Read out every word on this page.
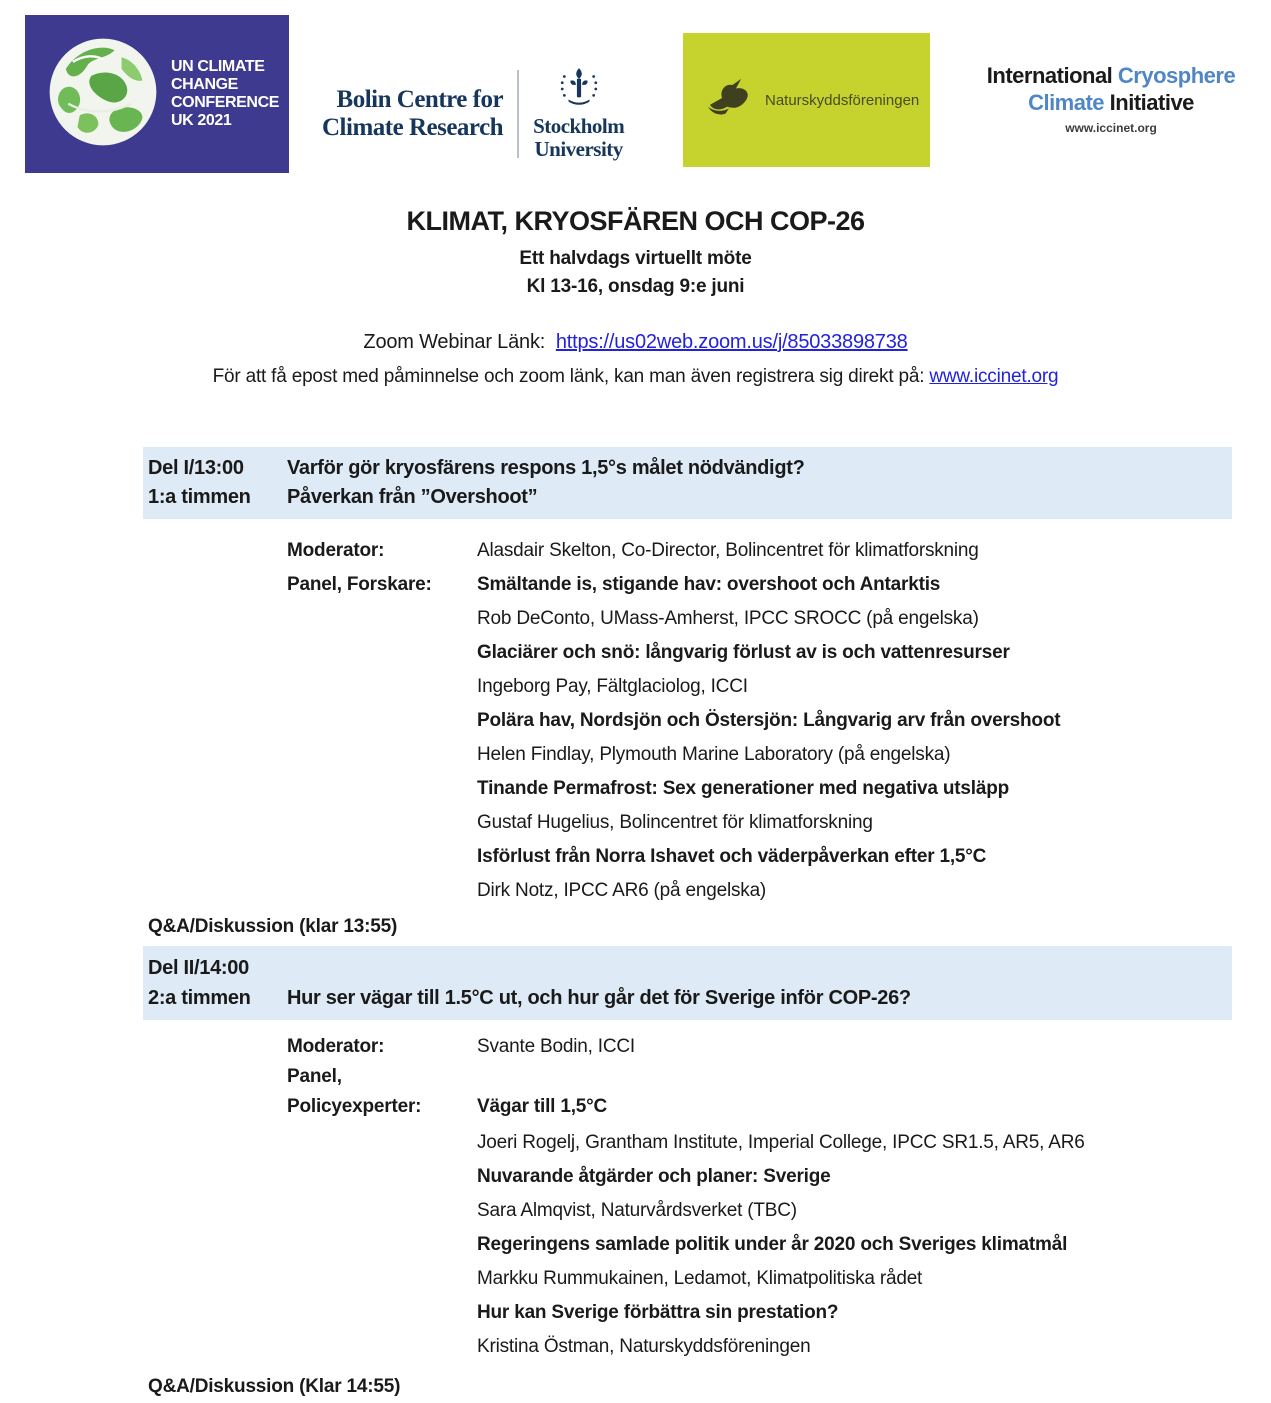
UN CLIMATE
CHANGE
CONFERENCE
UK 2021
Bolin Centre for
Climate Research Stockholm
University
Naturskyddsföreningen
International Cryosphere
Climate Initiative
www.iccinet.org
KLIMAT, KRYOSFÄREN OCH COP-26
Ett halvdags virtuellt möte
Kl 13-16, onsdag 9:e juni
Zoom Webinar Länk: https://us02web.zoom.us/j/85033898738
För att få epost med påminnelse och zoom länk, kan man även registrera sig direkt på: www.iccinet.org
Del I/13:00	Varför gör kryosfärens respons 1,5°s målet nödvändigt?
1:a timmen	Påverkan från ”Overshoot”
Moderator:	Alasdair Skelton, Co-Director, Bolincentret för klimatforskning
Panel, Forskare:	Smältande is, stigande hav: overshoot och Antarktis
Rob DeConto, UMass-Amherst, IPCC SROCC (på engelska)
Glaciärer och snö: långvarig förlust av is och vattenresurser
Ingeborg Pay, Fältglaciolog, ICCI
Polära hav, Nordsjön och Östersjön: Långvarig arv från overshoot
Helen Findlay, Plymouth Marine Laboratory (på engelska)
Tinande Permafrost: Sex generationer med negativa utsläpp
Gustaf Hugelius, Bolincentret för klimatforskning
Isförlust från Norra Ishavet och väderpåverkan efter 1,5°C
Dirk Notz, IPCC AR6 (på engelska)
Q&A/Diskussion (klar 13:55)
Del II/14:00
2:a timmen	Hur ser vägar till 1.5°C ut, och hur går det för Sverige inför COP-26?
Moderator:	Svante Bodin, ICCI
Panel,
Policyexperter:	Vägar till 1,5°C
Joeri Rogelj, Grantham Institute, Imperial College, IPCC SR1.5, AR5, AR6
Nuvarande åtgärder och planer: Sverige
Sara Almqvist, Naturvårdsverket (TBC)
Regeringens samlade politik under år 2020 och Sveriges klimatmål
Markku Rummukainen, Ledamot, Klimatpolitiska rådet
Hur kan Sverige förbättra sin prestation?
Kristina Östman, Naturskyddsföreningen
Q&A/Diskussion (Klar 14:55)
